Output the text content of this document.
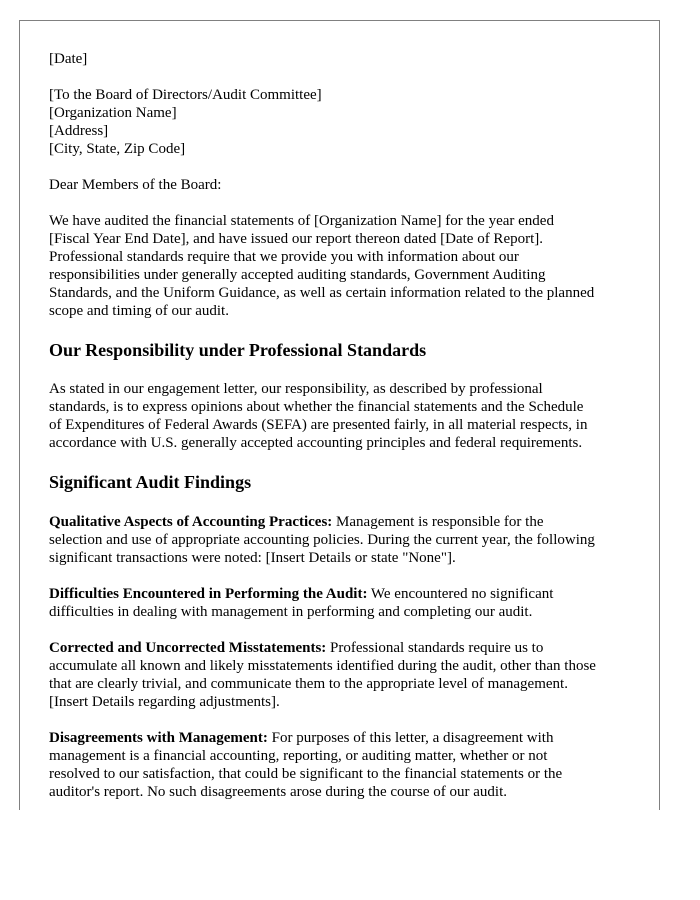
[Date]

[To the Board of Directors/Audit Committee]
[Organization Name]
[Address]
[City, State, Zip Code]

Dear Members of the Board:

We have audited the financial statements of [Organization Name] for the year ended
[Fiscal Year End Date], and have issued our report thereon dated [Date of Report].
Professional standards require that we provide you with information about our
responsibilities under generally accepted auditing standards, Government Auditing
Standards, and the Uniform Guidance, as well as certain information related to the planned
scope and timing of our audit.

Our Responsibility under Professional Standards

As stated in our engagement letter, our responsibility, as described by professional
standards, is to express opinions about whether the financial statements and the Schedule
of Expenditures of Federal Awards (SEFA) are presented fairly, in all material respects, in
accordance with U.S. generally accepted accounting principles and federal requirements.

Significant Audit Findings

Qualitative Aspects of Accounting Practices: Management is responsible for the
selection and use of appropriate accounting policies. During the current year, the following
significant transactions were noted: [Insert Details or state "None"].

Difficulties Encountered in Performing the Audit: We encountered no significant
difficulties in dealing with management in performing and completing our audit.

Corrected and Uncorrected Misstatements: Professional standards require us to
accumulate all known and likely misstatements identified during the audit, other than those
that are clearly trivial, and communicate them to the appropriate level of management.
[Insert Details regarding adjustments].

Disagreements with Management: For purposes of this letter, a disagreement with
management is a financial accounting, reporting, or auditing matter, whether or not
resolved to our satisfaction, that could be significant to the financial statements or the
auditor's report. No such disagreements arose during the course of our audit.
